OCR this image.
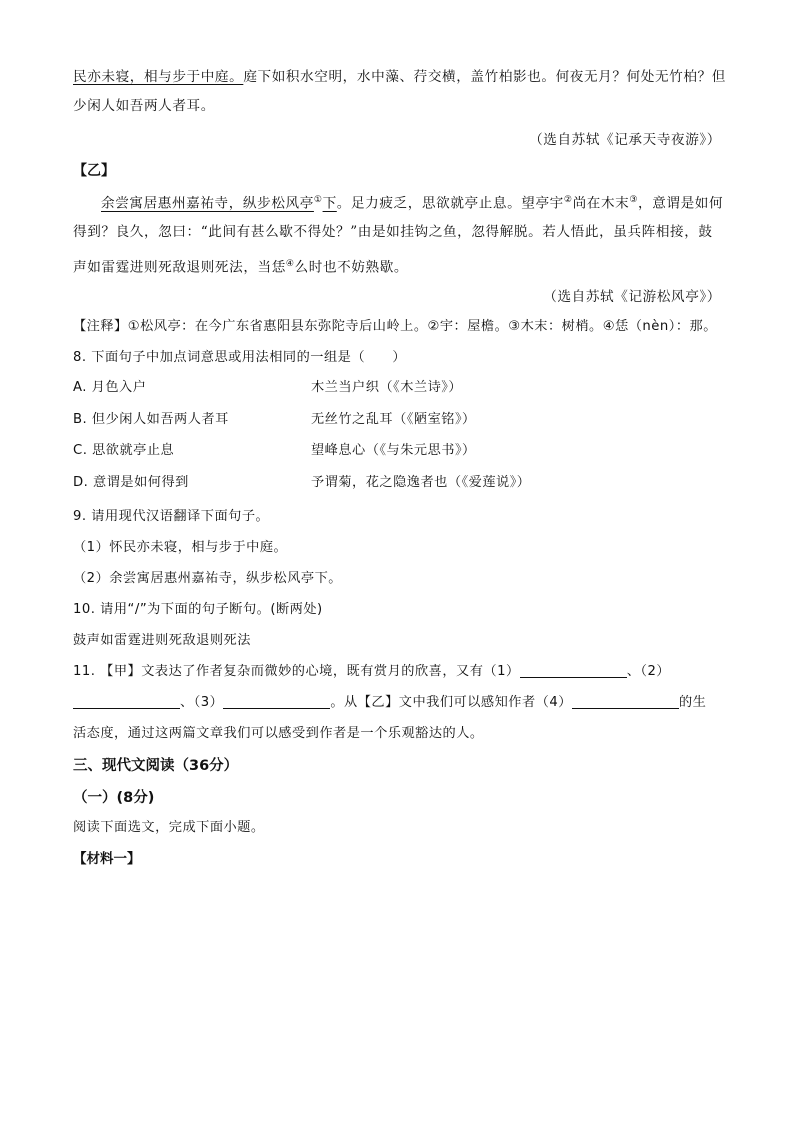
民亦未寝，相与步于中庭。庭下如积水空明，水中藻、荇交横，盖竹柏影也。何夜无月？何处无竹柏？但
少闲人如吾两人者耳。
（选自苏轼《记承天寺夜游》）
【乙】
余尝寓居惠州嘉祐寺，纵步松风亭①下。足力疲乏，思欲就亭止息。望亭宇②尚在木末③，意谓是如何
得到？良久，忽曰：“此间有甚么歇不得处？”由是如挂钩之鱼，忽得解脱。若人悟此，虽兵阵相接，鼓
声如雷霆进则死敌退则死法，当恁④么时也不妨熟歇。
（选自苏轼《记游松风亭》）
【注释】①松风亭：在今广东省惠阳县东弥陀寺后山岭上。②宇：屋檐。③木末：树梢。④恁（nèn）：那。
8. 下面句子中加点词意思或用法相同的一组是（　　）
A. 月色入户	木兰当户织（《木兰诗》）
B. 但少闲人如吾两人者耳	无丝竹之乱耳（《陋室铭》）
C. 思欲就亭止息	望峰息心（《与朱元思书》）
D. 意谓是如何得到	予谓菊，花之隐逸者也（《爱莲说》）
9. 请用现代汉语翻译下面句子。
（1）怀民亦未寝，相与步于中庭。
（2）余尝寓居惠州嘉祐寺，纵步松风亭下。
10. 请用“/”为下面的句子断句。(断两处)
鼓声如雷霆进则死敌退则死法
11. 【甲】文表达了作者复杂而微妙的心境，既有赏月的欣喜，又有（1）	、（2）
、（3）	。从【乙】文中我们可以感知作者（4）	的生
活态度，通过这两篇文章我们可以感受到作者是一个乐观豁达的人。
三、现代文阅读（36分）
（一）(8分)
阅读下面选文，完成下面小题。
【材料一】
